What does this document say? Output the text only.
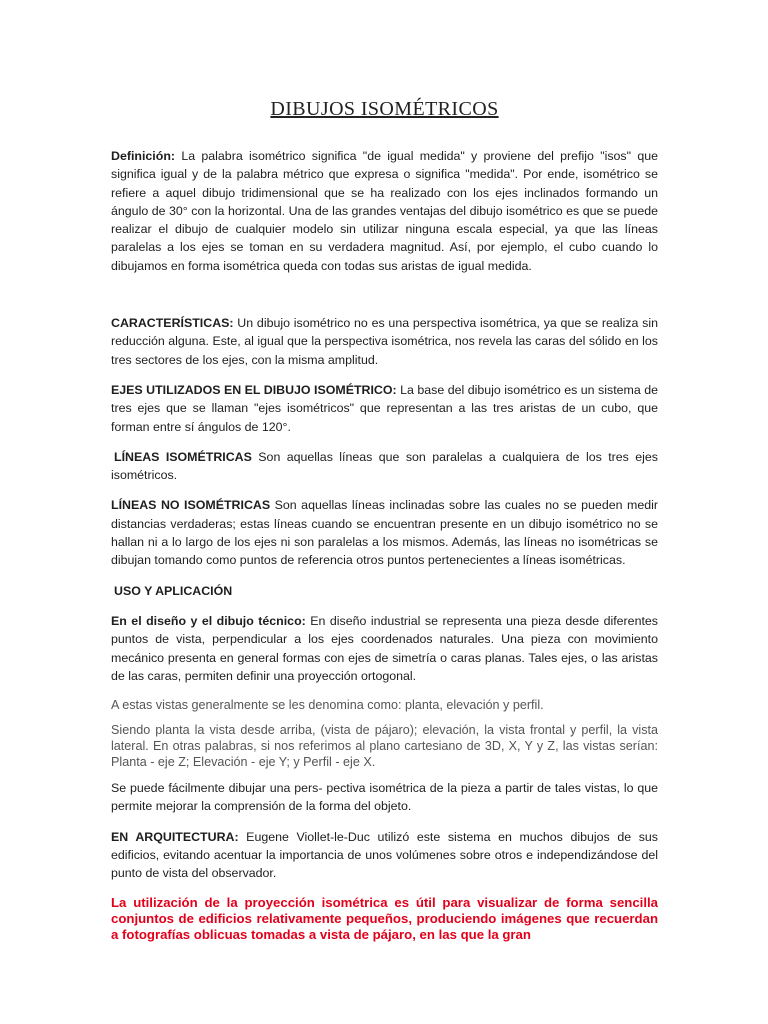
DIBUJOS ISOMÉTRICOS

Definición: La palabra isométrico significa "de igual medida" y proviene del prefijo "isos" que significa igual y de la palabra métrico que expresa o significa "medida". Por ende, isométrico se refiere a aquel dibujo tridimensional que se ha realizado con los ejes inclinados formando un ángulo de 30° con la horizontal. Una de las grandes ventajas del dibujo isométrico es que se puede realizar el dibujo de cualquier modelo sin utilizar ninguna escala especial, ya que las líneas paralelas a los ejes se toman en su verdadera magnitud. Así, por ejemplo, el cubo cuando lo dibujamos en forma isométrica queda con todas sus aristas de igual medida.

CARACTERÍSTICAS: Un dibujo isométrico no es una perspectiva isométrica, ya que se realiza sin reducción alguna. Este, al igual que la perspectiva isométrica, nos revela las caras del sólido en los tres sectores de los ejes, con la misma amplitud.

EJES UTILIZADOS EN EL DIBUJO ISOMÉTRICO: La base del dibujo isométrico es un sistema de tres ejes que se llaman "ejes isométricos" que representan a las tres aristas de un cubo, que forman entre sí ángulos de 120°.

LÍNEAS ISOMÉTRICAS Son aquellas líneas que son paralelas a cualquiera de los tres ejes isométricos.

LÍNEAS NO ISOMÉTRICAS Son aquellas líneas inclinadas sobre las cuales no se pueden medir distancias verdaderas; estas líneas cuando se encuentran presente en un dibujo isométrico no se hallan ni a lo largo de los ejes ni son paralelas a los mismos. Además, las líneas no isométricas se dibujan tomando como puntos de referencia otros puntos pertenecientes a líneas isométricas.

USO Y APLICACIÓN

En el diseño y el dibujo técnico: En diseño industrial se representa una pieza desde diferentes puntos de vista, perpendicular a los ejes coordenados naturales. Una pieza con movimiento mecánico presenta en general formas con ejes de simetría o caras planas. Tales ejes, o las aristas de las caras, permiten definir una proyección ortogonal.

A estas vistas generalmente se les denomina como: planta, elevación y perfil.

Siendo planta la vista desde arriba, (vista de pájaro); elevación, la vista frontal y perfil, la vista lateral. En otras palabras, si nos referimos al plano cartesiano de 3D, X, Y y Z, las vistas serían: Planta - eje Z; Elevación - eje Y; y Perfil - eje X.

Se puede fácilmente dibujar una pers- pectiva isométrica de la pieza a partir de tales vistas, lo que permite mejorar la comprensión de la forma del objeto.

EN ARQUITECTURA: Eugene Viollet-le-Duc utilizó este sistema en muchos dibujos de sus edificios, evitando acentuar la importancia de unos volúmenes sobre otros e independizándose del punto de vista del observador.

La utilización de la proyección isométrica es útil para visualizar de forma sencilla conjuntos de edificios relativamente pequeños, produciendo imágenes que recuerdan a fotografías oblicuas tomadas a vista de pájaro, en las que la gran
